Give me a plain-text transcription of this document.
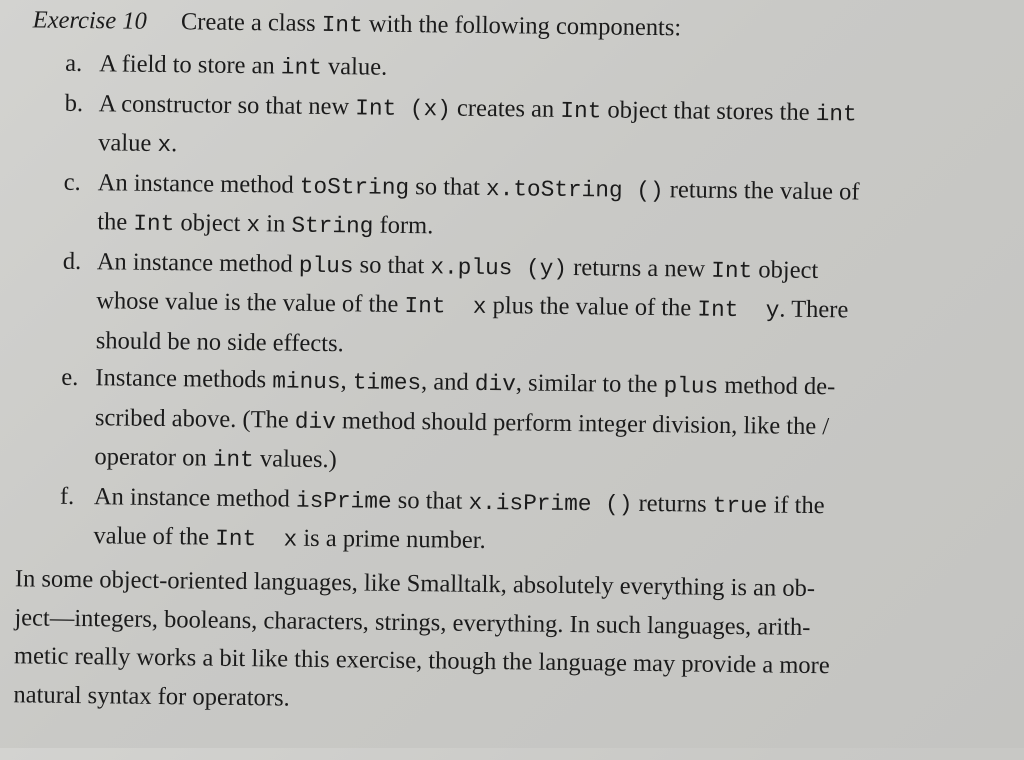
Exercise 10 Create a class Int with the following components:
a. A field to store an int value.
b. A constructor so that new Int (x) creates an Int object that stores the int
value x.
c. An instance method toString so that x.toString () returns the value of
the Int object x in String form.
d. An instance method plus so that x.plus (y) returns a new Int object
whose value is the value of the Int  x plus the value of the Int  y. There
should be no side effects.
e. Instance methods minus, times, and div, similar to the plus method de-
scribed above. (The div method should perform integer division, like the /
operator on int values.)
f. An instance method isPrime so that x.isPrime () returns true if the
value of the Int  x is a prime number.
In some object-oriented languages, like Smalltalk, absolutely everything is an ob-
ject—integers, booleans, characters, strings, everything. In such languages, arith-
metic really works a bit like this exercise, though the language may provide a more
natural syntax for operators.
